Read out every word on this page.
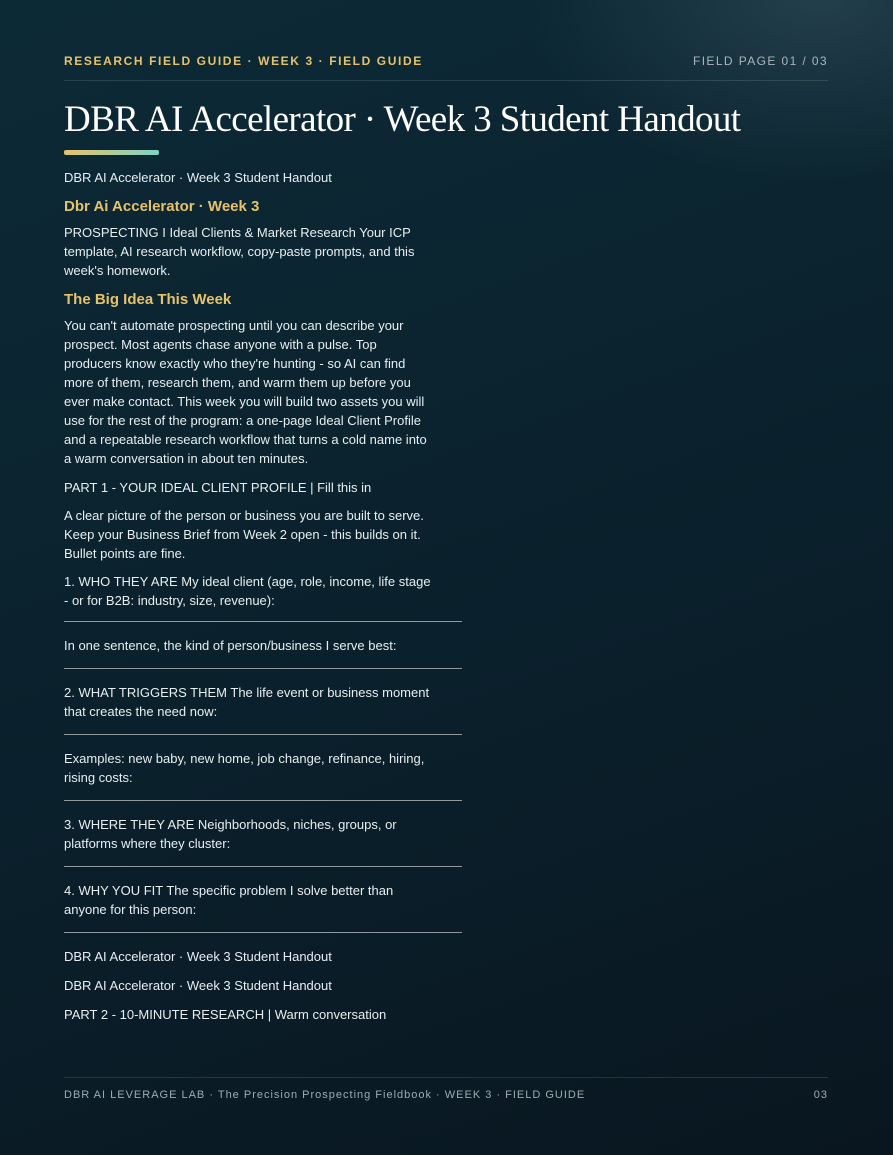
RESEARCH FIELD GUIDE · WEEK 3 · FIELD GUIDE	FIELD PAGE 01 / 03
DBR AI Accelerator · Week 3 Student Handout

DBR AI Accelerator · Week 3 Student Handout

Dbr Ai Accelerator · Week 3

PROSPECTING I Ideal Clients & Market Research Your ICP template, AI research workflow, copy-paste prompts, and this week's homework.

The Big Idea This Week

You can't automate prospecting until you can describe your prospect. Most agents chase anyone with a pulse. Top producers know exactly who they're hunting - so AI can find more of them, research them, and warm them up before you ever make contact. This week you will build two assets you will use for the rest of the program: a one-page Ideal Client Profile and a repeatable research workflow that turns a cold name into a warm conversation in about ten minutes.

PART 1 - YOUR IDEAL CLIENT PROFILE | Fill this in

A clear picture of the person or business you are built to serve. Keep your Business Brief from Week 2 open - this builds on it. Bullet points are fine.

1. WHO THEY ARE My ideal client (age, role, income, life stage - or for B2B: industry, size, revenue):

In one sentence, the kind of person/business I serve best:

2. WHAT TRIGGERS THEM The life event or business moment that creates the need now:

Examples: new baby, new home, job change, refinance, hiring, rising costs:

3. WHERE THEY ARE Neighborhoods, niches, groups, or platforms where they cluster:

4. WHY YOU FIT The specific problem I solve better than anyone for this person:

DBR AI Accelerator · Week 3 Student Handout

DBR AI Accelerator · Week 3 Student Handout

PART 2 - 10-MINUTE RESEARCH | Warm conversation

DBR AI LEVERAGE LAB · The Precision Prospecting Fieldbook · WEEK 3 · FIELD GUIDE	03
